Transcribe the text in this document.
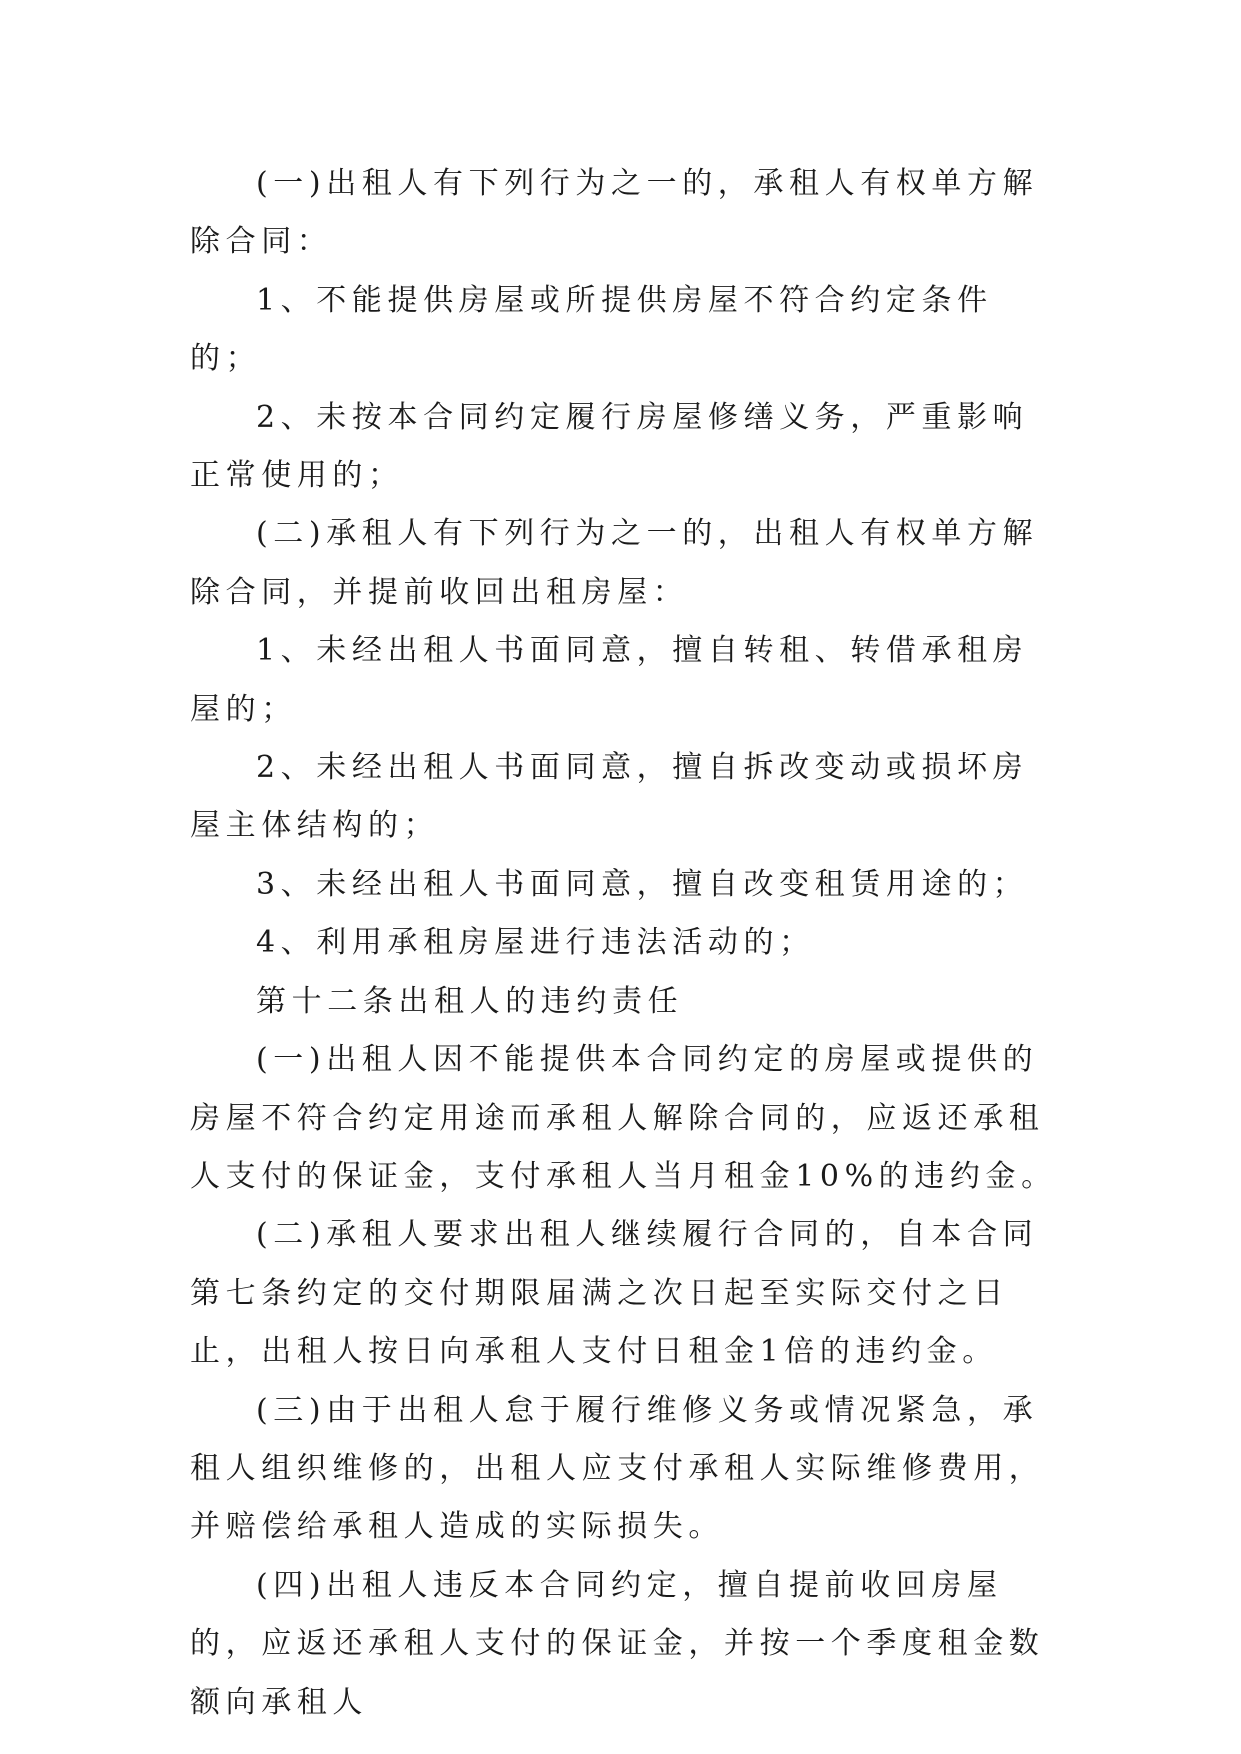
(一)出租人有下列行为之一的，承租人有权单方解除合同：

1、不能提供房屋或所提供房屋不符合约定条件的；

2、未按本合同约定履行房屋修缮义务，严重影响正常使用的；

(二)承租人有下列行为之一的，出租人有权单方解除合同，并提前收回出租房屋：

1、未经出租人书面同意，擅自转租、转借承租房屋的；

2、未经出租人书面同意，擅自拆改变动或损坏房屋主体结构的；

3、未经出租人书面同意，擅自改变租赁用途的；

4、利用承租房屋进行违法活动的；

第十二条出租人的违约责任

(一)出租人因不能提供本合同约定的房屋或提供的房屋不符合约定用途而承租人解除合同的，应返还承租人支付的保证金，支付承租人当月租金10%的违约金。

(二)承租人要求出租人继续履行合同的，自本合同第七条约定的交付期限届满之次日起至实际交付之日止，出租人按日向承租人支付日租金1倍的违约金。

(三)由于出租人怠于履行维修义务或情况紧急，承租人组织维修的，出租人应支付承租人实际维修费用，并赔偿给承租人造成的实际损失。

(四)出租人违反本合同约定，擅自提前收回房屋的，应返还承租人支付的保证金，并按一个季度租金数额向承租人
